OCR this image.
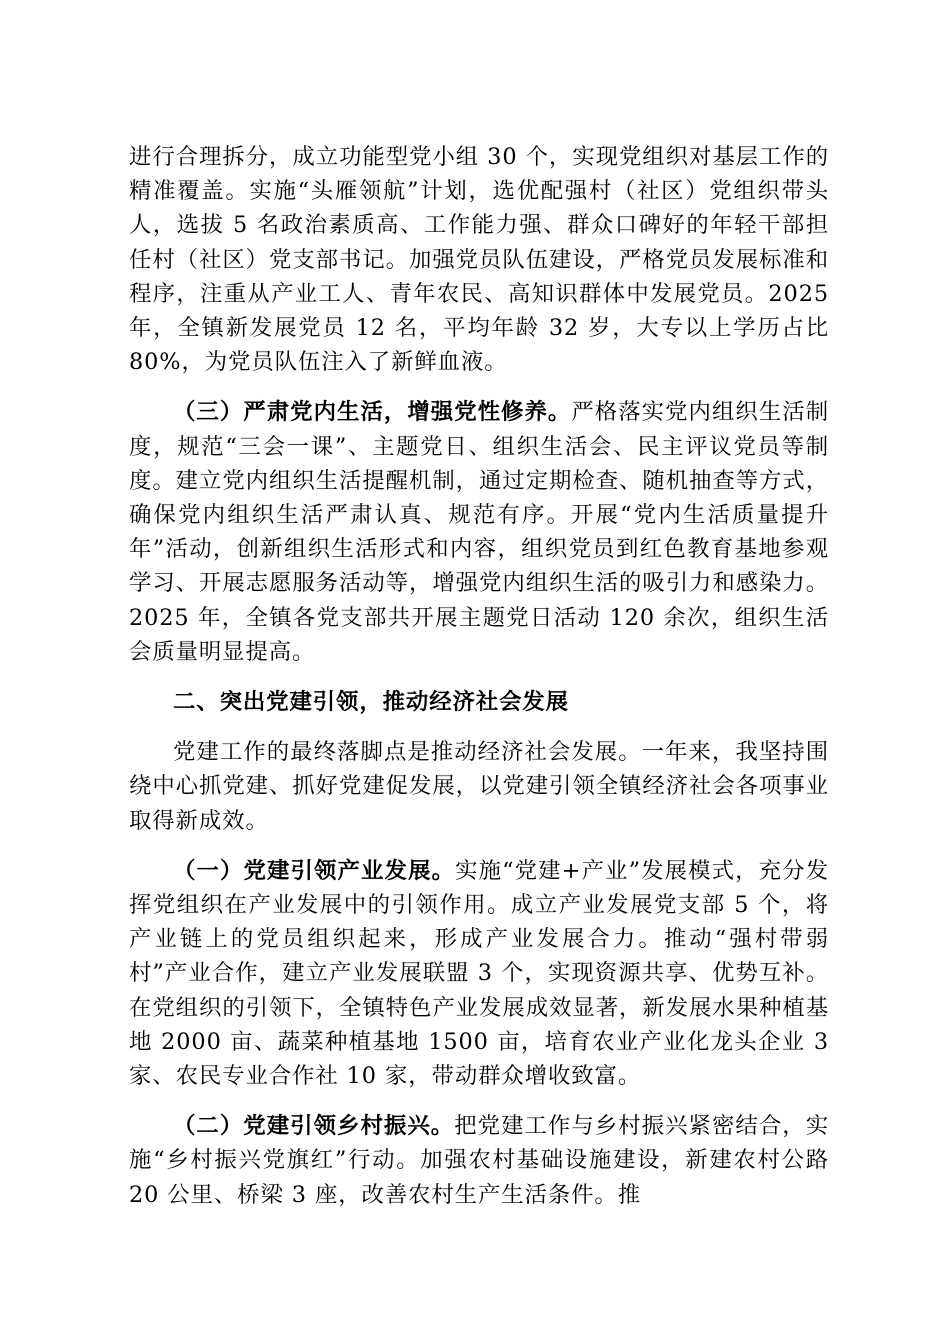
进行合理拆分，成立功能型党小组 30 个，实现党组织对基层工作的精准覆盖。实施“头雁领航”计划，选优配强村（社区）党组织带头人，选拔 5 名政治素质高、工作能力强、群众口碑好的年轻干部担任村（社区）党支部书记。加强党员队伍建设，严格党员发展标准和程序，注重从产业工人、青年农民、高知识群体中发展党员。2025 年，全镇新发展党员 12 名，平均年龄 32 岁，大专以上学历占比 80%，为党员队伍注入了新鲜血液。

（三）严肃党内生活，增强党性修养。严格落实党内组织生活制度，规范“三会一课”、主题党日、组织生活会、民主评议党员等制度。建立党内组织生活提醒机制，通过定期检查、随机抽查等方式，确保党内组织生活严肃认真、规范有序。开展“党内生活质量提升年”活动，创新组织生活形式和内容，组织党员到红色教育基地参观学习、开展志愿服务活动等，增强党内组织生活的吸引力和感染力。2025 年，全镇各党支部共开展主题党日活动 120 余次，组织生活会质量明显提高。

二、突出党建引领，推动经济社会发展

党建工作的最终落脚点是推动经济社会发展。一年来，我坚持围绕中心抓党建、抓好党建促发展，以党建引领全镇经济社会各项事业取得新成效。

（一）党建引领产业发展。实施“党建+产业”发展模式，充分发挥党组织在产业发展中的引领作用。成立产业发展党支部 5 个，将产业链上的党员组织起来，形成产业发展合力。推动“强村带弱村”产业合作，建立产业发展联盟 3 个，实现资源共享、优势互补。在党组织的引领下，全镇特色产业发展成效显著，新发展水果种植基地 2000 亩、蔬菜种植基地 1500 亩，培育农业产业化龙头企业 3 家、农民专业合作社 10 家，带动群众增收致富。

（二）党建引领乡村振兴。把党建工作与乡村振兴紧密结合，实施“乡村振兴党旗红”行动。加强农村基础设施建设，新建农村公路 20 公里、桥梁 3 座，改善农村生产生活条件。推
